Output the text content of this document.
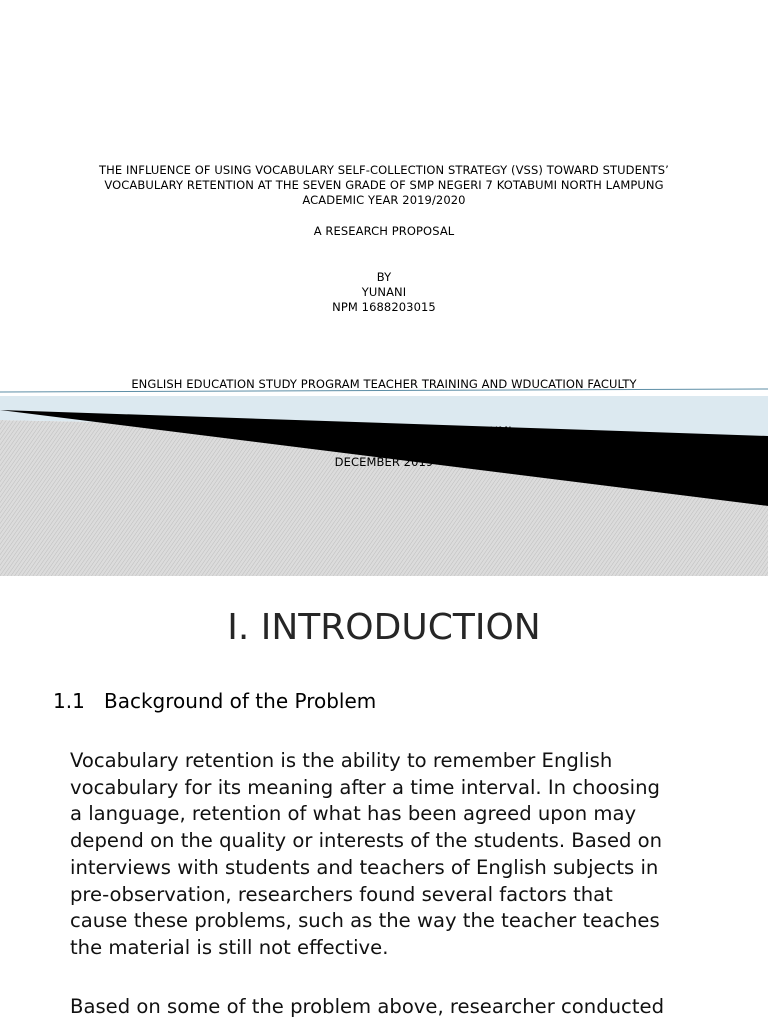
THE INFLUENCE OF USING VOCABULARY SELF-COLLECTION STRATEGY (VSS) TOWARD STUDENTS’
VOCABULARY RETENTION AT THE SEVEN GRADE OF SMP NEGERI 7 KOTABUMI NORTH LAMPUNG
ACADEMIC YEAR 2019/2020
A RESEARCH PROPOSAL
BY
YUNANI
NPM 1688203015
ENGLISH EDUCATION STUDY PROGRAM TEACHER TRAINING AND WDUCATION FACULTY
UNIVERSITY OF MUHAMMADIYAH KOTABUMI
DECEMBER 2019
I. INTRODUCTION
1.1 Background of the Problem
Vocabulary retention is the ability to remember English
vocabulary for its meaning after a time interval. In choosing
a language, retention of what has been agreed upon may
depend on the quality or interests of the students. Based on
interviews with students and teachers of English subjects in
pre-observation, researchers found several factors that
cause these problems, such as the way the teacher teaches
the material is still not effective.
Based on some of the problem above, researcher conducted
